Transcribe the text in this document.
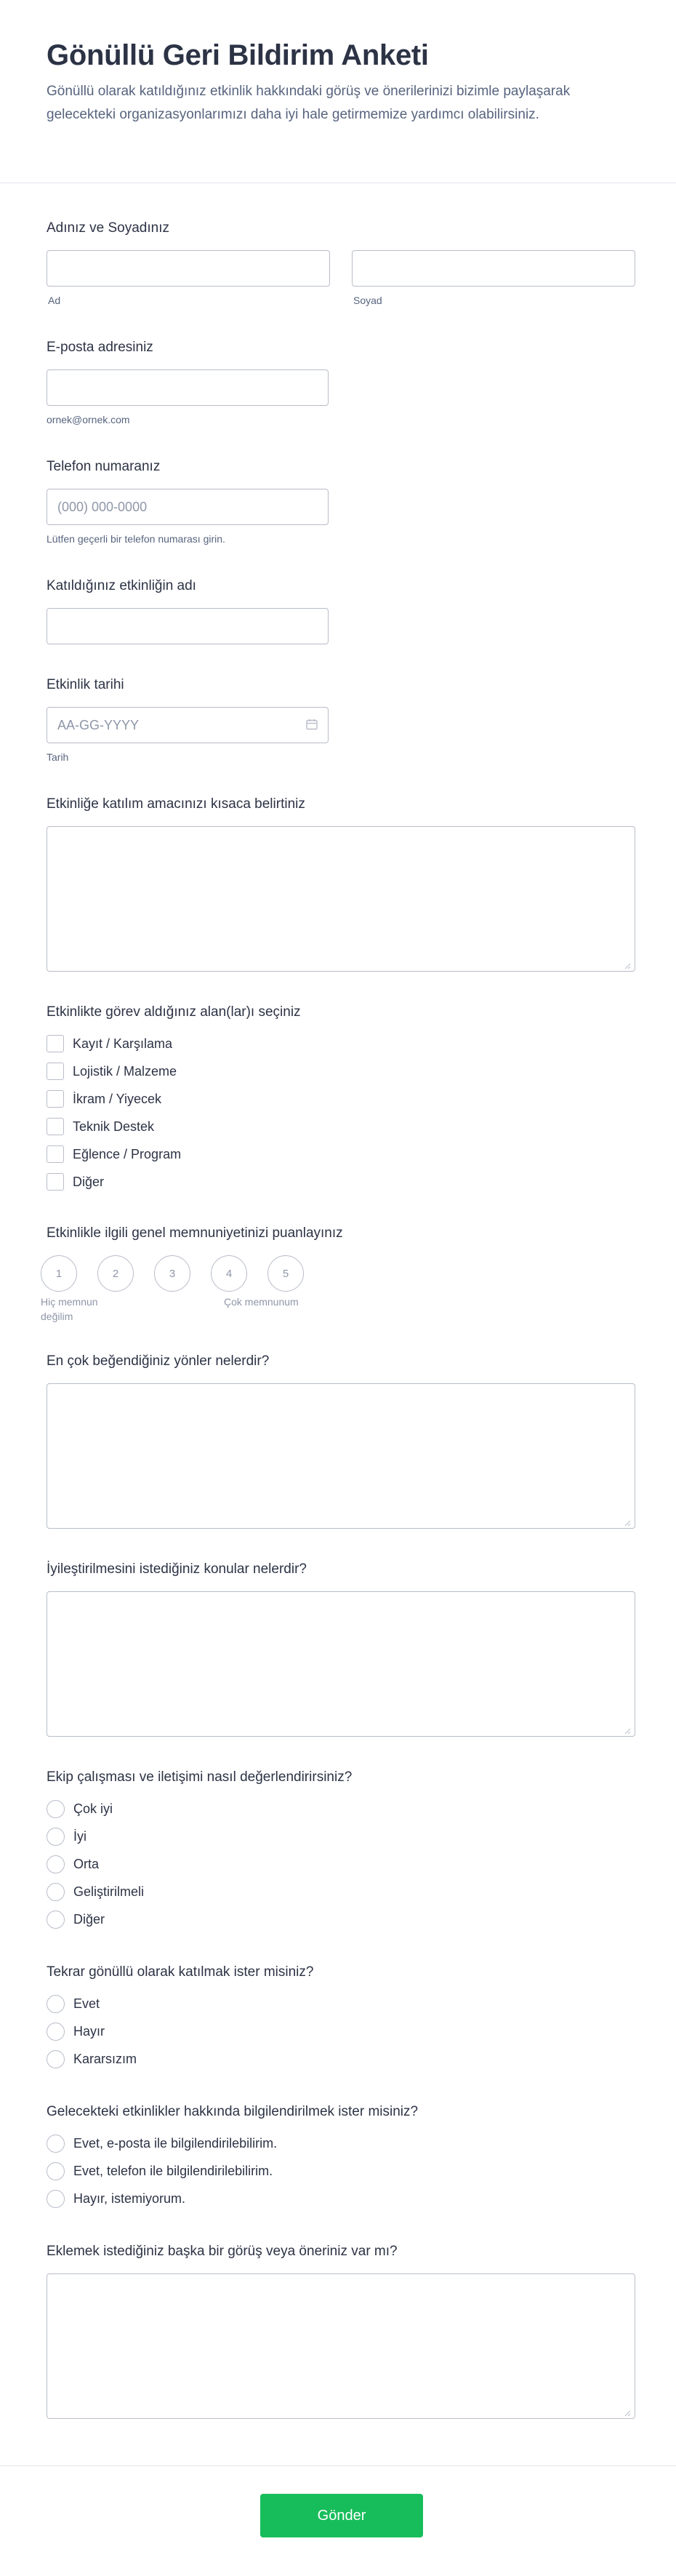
Gönüllü Geri Bildirim Anketi

Gönüllü olarak katıldığınız etkinlik hakkındaki görüş ve önerilerinizi bizimle paylaşarak gelecekteki organizasyonlarımızı daha iyi hale getirmemize yardımcı olabilirsiniz.

Adınız ve Soyadınız
Ad	Soyad
E-posta adresiniz
ornek@ornek.com
Telefon numaranız
(000) 000-0000
Lütfen geçerli bir telefon numarası girin.
Katıldığınız etkinliğin adı
Etkinlik tarihi
AA-GG-YYYY
Tarih
Etkinliğe katılım amacınızı kısaca belirtiniz
Etkinlikte görev aldığınız alan(lar)ı seçiniz
Kayıt / Karşılama
Lojistik / Malzeme
İkram / Yiyecek
Teknik Destek
Eğlence / Program
Diğer
Etkinlikle ilgili genel memnuniyetinizi puanlayınız
1	2	3	4	5
Hiç memnun değilim
Çok memnunum
En çok beğendiğiniz yönler nelerdir?
İyileştirilmesini istediğiniz konular nelerdir?
Ekip çalışması ve iletişimi nasıl değerlendirirsiniz?
Çok iyi
İyi
Orta
Geliştirilmeli
Diğer
Tekrar gönüllü olarak katılmak ister misiniz?
Evet
Hayır
Kararsızım
Gelecekteki etkinlikler hakkında bilgilendirilmek ister misiniz?
Evet, e-posta ile bilgilendirilebilirim.
Evet, telefon ile bilgilendirilebilirim.
Hayır, istemiyorum.
Eklemek istediğiniz başka bir görüş veya öneriniz var mı?
Gönder
